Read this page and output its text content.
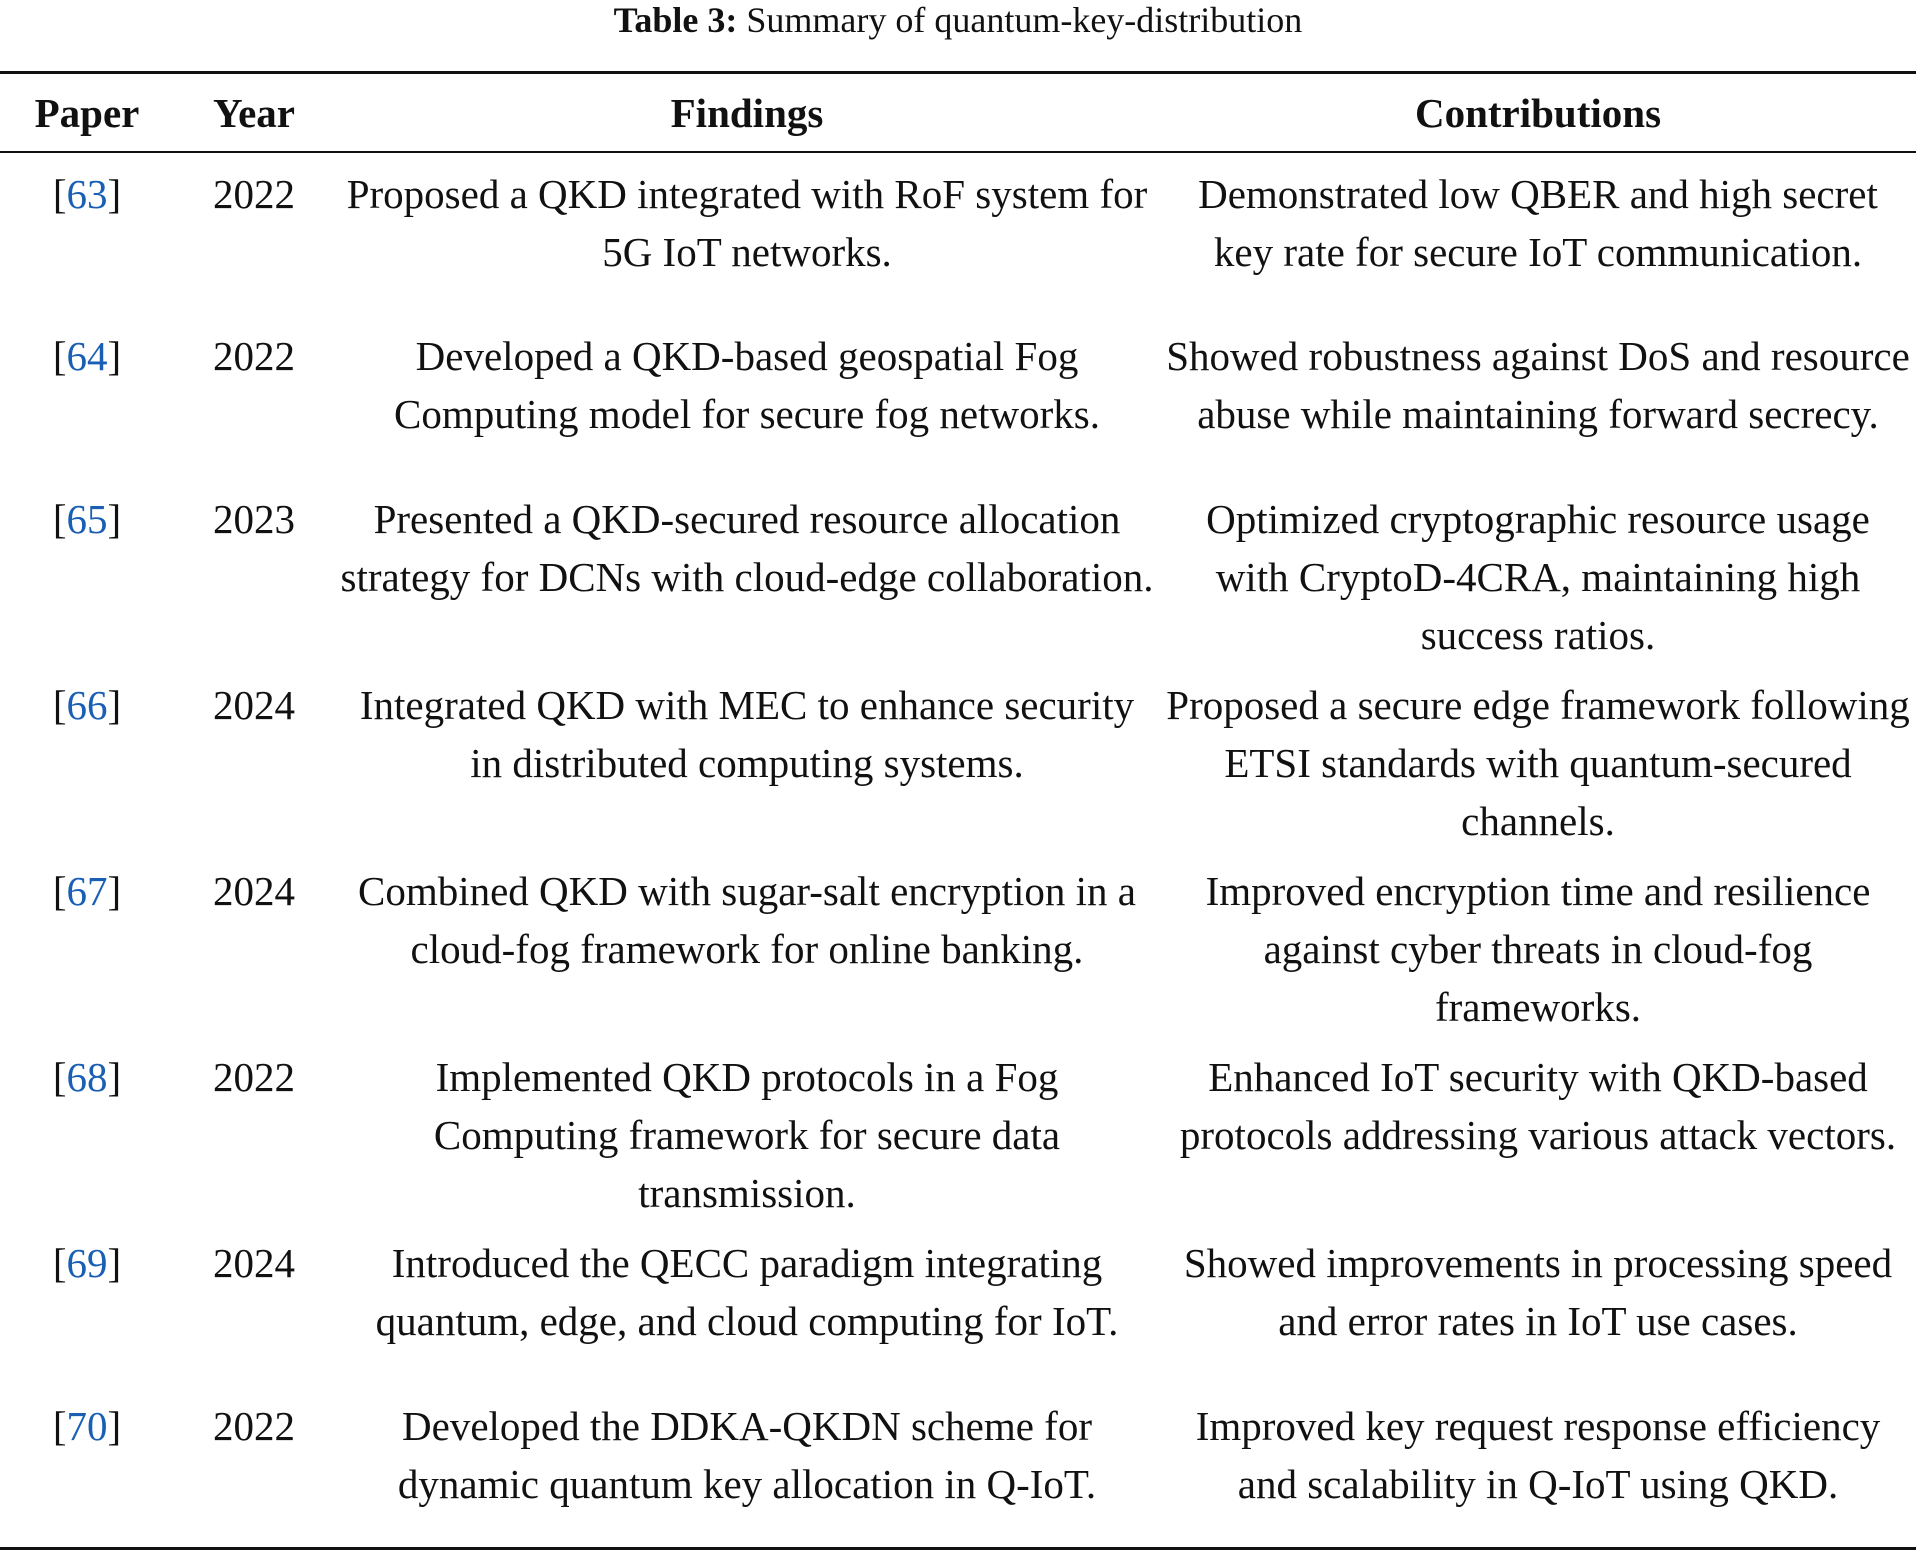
Table 3: Summary of quantum-key-distribution
Paper	Year	Findings	Contributions
[63]	2022	Proposed a QKD integrated with RoF system for 5G IoT networks.	Demonstrated low QBER and high secret key rate for secure IoT communication.
[64]	2022	Developed a QKD-based geospatial Fog Computing model for secure fog networks.	Showed robustness against DoS and resource abuse while maintaining forward secrecy.
[65]	2023	Presented a QKD-secured resource allocation strategy for DCNs with cloud-edge collaboration.	Optimized cryptographic resource usage with CryptoD-4CRA, maintaining high success ratios.
[66]	2024	Integrated QKD with MEC to enhance security in distributed computing systems.	Proposed a secure edge framework following ETSI standards with quantum-secured channels.
[67]	2024	Combined QKD with sugar-salt encryption in a cloud-fog framework for online banking.	Improved encryption time and resilience against cyber threats in cloud-fog frameworks.
[68]	2022	Implemented QKD protocols in a Fog Computing framework for secure data transmission.	Enhanced IoT security with QKD-based protocols addressing various attack vectors.
[69]	2024	Introduced the QECC paradigm integrating quantum, edge, and cloud computing for IoT.	Showed improvements in processing speed and error rates in IoT use cases.
[70]	2022	Developed the DDKA-QKDN scheme for dynamic quantum key allocation in Q-IoT.	Improved key request response efficiency and scalability in Q-IoT using QKD.
